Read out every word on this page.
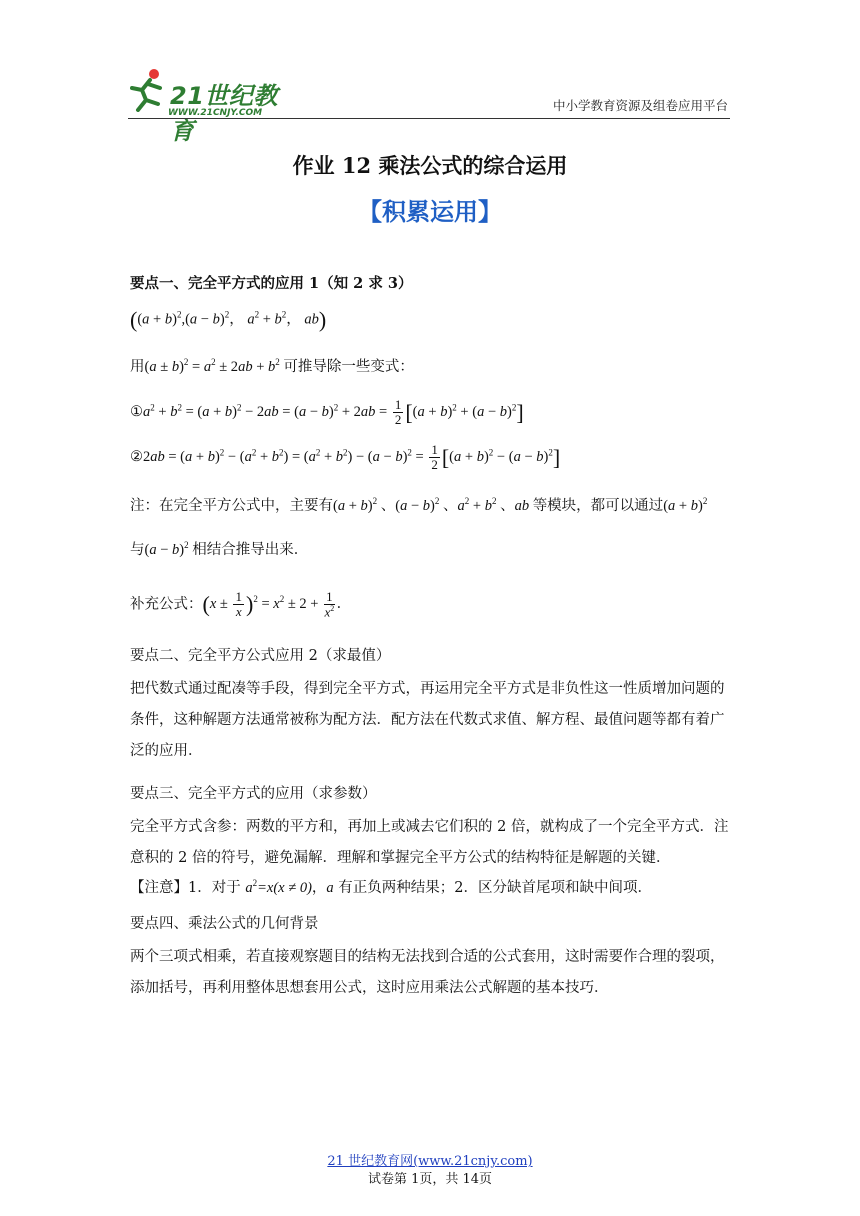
21世纪教育
WWW.21CNJY.COM	中小学教育资源及组卷应用平台
作业 12 乘法公式的综合运用
【积累运用】
要点一、完全平方式的应用 1（知 2 求 3）
($(a + b)^2,(a - b)^2$， $a^2 + b^2$， ab)
用$(a \pm b)^2 = a^2 \pm 2ab + b^2$ 可推导除一些变式：
$①a^2 + b^2 = (a + b)^2 - 2ab = (a - b)^2 + 2ab = \frac{1}{2} [(a + b)^2 + (a - b)^2]$
②2ab = $(a + b)^2 - (a^2 + b^2) = (a^2 + b^2) - (a - b)^2 = \frac{1}{2} [(a + b)^2 - (a - b)^2]$
注：在完全平方公式中，主要有$(a + b)^2$ 、$(a - b)^2$ 、$a^2 + b^2$ 、ab 等模块，都可以通过$(a + b)^2$
与$(a - b)^2$ 相结合推导出来．
补充公式：$(x \pm \frac{1}{x} )^2 = x^2 \pm 2 + \frac{1}{x^2}$ ．
要点二、完全平方公式应用 2（求最值）
把代数式通过配凑等手段，得到完全平方式，再运用完全平方式是非负性这一性质增加问题的条件，这种解题方法通常被称为配方法．配方法在代数式求值、解方程、最值问题等都有着广泛的应用．
要点三、完全平方式的应用（求参数）
完全平方式含参：两数的平方和，再加上或减去它们积的 2 倍，就构成了一个完全平方式．注意积的 2 倍的符号，避免漏解．理解和掌握完全平方公式的结构特征是解题的关键．
【注意】1．对于 $a^2=x(x \ne 0)$，a 有正负两种结果；2．区分缺首尾项和缺中间项．
要点四、乘法公式的几何背景
两个三项式相乘，若直接观察题目的结构无法找到合适的公式套用，这时需要作合理的裂项，添加括号，再利用整体思想套用公式，这时应用乘法公式解题的基本技巧．
21 世纪教育网(www.21cnjy.com)
试卷第 1页，共 14页
